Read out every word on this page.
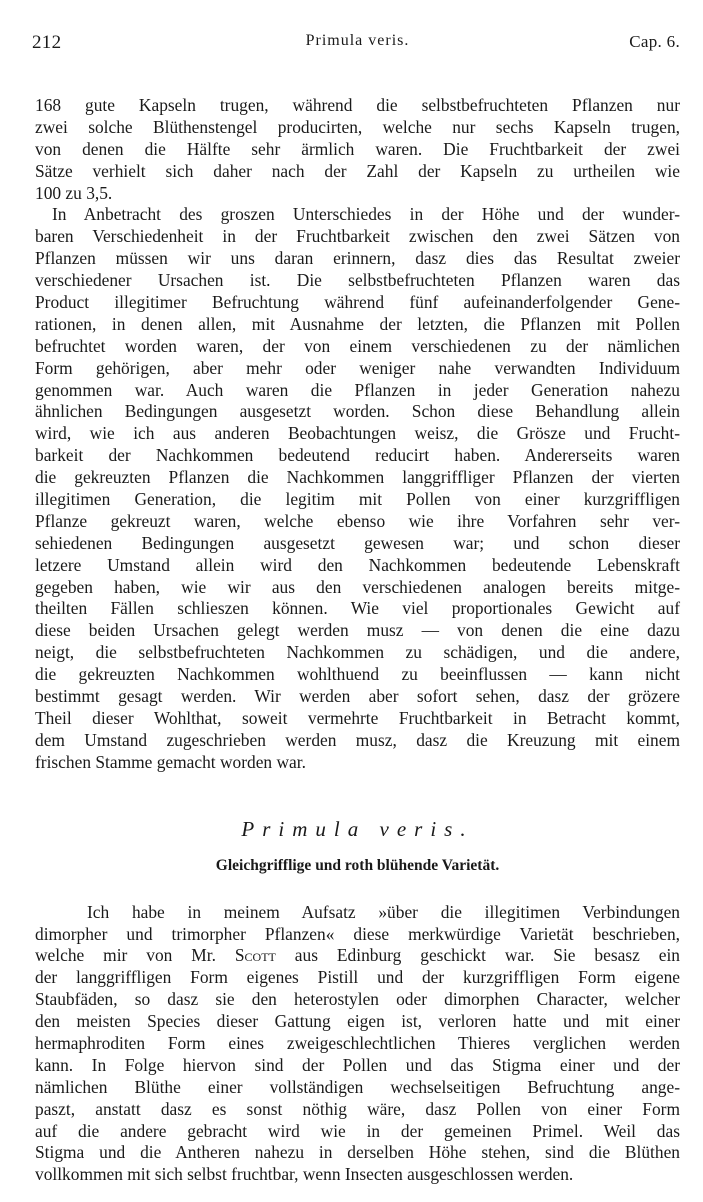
212	Primula veris.	Cap. 6.

168 gute Kapseln trugen, während die selbstbefruchteten Pflanzen nur
zwei solche Blüthenstengel producirten, welche nur sechs Kapseln trugen,
von denen die Hälfte sehr ärmlich waren. Die Fruchtbarkeit der zwei
Sätze verhielt sich daher nach der Zahl der Kapseln zu urtheilen wie
100 zu 3,5.

In Anbetracht des groszen Unterschiedes in der Höhe und der wunder-
baren Verschiedenheit in der Fruchtbarkeit zwischen den zwei Sätzen von
Pflanzen müssen wir uns daran erinnern, dasz dies das Resultat zweier
verschiedener Ursachen ist. Die selbstbefruchteten Pflanzen waren das
Product illegitimer Befruchtung während fünf aufeinanderfolgender Gene-
rationen, in denen allen, mit Ausnahme der letzten, die Pflanzen mit Pollen
befruchtet worden waren, der von einem verschiedenen zu der nämlichen
Form gehörigen, aber mehr oder weniger nahe verwandten Individuum
genommen war. Auch waren die Pflanzen in jeder Generation nahezu
ähnlichen Bedingungen ausgesetzt worden. Schon diese Behandlung allein
wird, wie ich aus anderen Beobachtungen weisz, die Grösze und Frucht-
barkeit der Nachkommen bedeutend reducirt haben. Andererseits waren
die gekreuzten Pflanzen die Nachkommen langgriffliger Pflanzen der vierten
illegitimen Generation, die legitim mit Pollen von einer kurzgriffligen
Pflanze gekreuzt waren, welche ebenso wie ihre Vorfahren sehr ver-
sehiedenen Bedingungen ausgesetzt gewesen war; und schon dieser
letzere Umstand allein wird den Nachkommen bedeutende Lebenskraft
gegeben haben, wie wir aus den verschiedenen analogen bereits mitge-
theilten Fällen schlieszen können. Wie viel proportionales Gewicht auf
diese beiden Ursachen gelegt werden musz — von denen die eine dazu
neigt, die selbstbefruchteten Nachkommen zu schädigen, und die andere,
die gekreuzten Nachkommen wohlthuend zu beeinflussen — kann nicht
bestimmt gesagt werden. Wir werden aber sofort sehen, dasz der grözere
Theil dieser Wohlthat, soweit vermehrte Fruchtbarkeit in Betracht kommt,
dem Umstand zugeschrieben werden musz, dasz die Kreuzung mit einem
frischen Stamme gemacht worden war.

Primula veris.
Gleichgrifflige und roth blühende Varietät.

Ich habe in meinem Aufsatz »über die illegitimen Verbindungen
dimorpher und trimorpher Pflanzen« diese merkwürdige Varietät beschrieben,
welche mir von Mr. Scott aus Edinburg geschickt war. Sie besasz ein
der langgriffligen Form eigenes Pistill und der kurzgriffligen Form eigene
Staubfäden, so dasz sie den heterostylen oder dimorphen Character, welcher
den meisten Species dieser Gattung eigen ist, verloren hatte und mit einer
hermaphroditen Form eines zweigeschlechtlichen Thieres verglichen werden
kann. In Folge hiervon sind der Pollen und das Stigma einer und der
nämlichen Blüthe einer vollständigen wechselseitigen Befruchtung ange-
paszt, anstatt dasz es sonst nöthig wäre, dasz Pollen von einer Form
auf die andere gebracht wird wie in der gemeinen Primel. Weil das
Stigma und die Antheren nahezu in derselben Höhe stehen, sind die Blüthen
vollkommen mit sich selbst fruchtbar, wenn Insecten ausgeschlossen werden.
